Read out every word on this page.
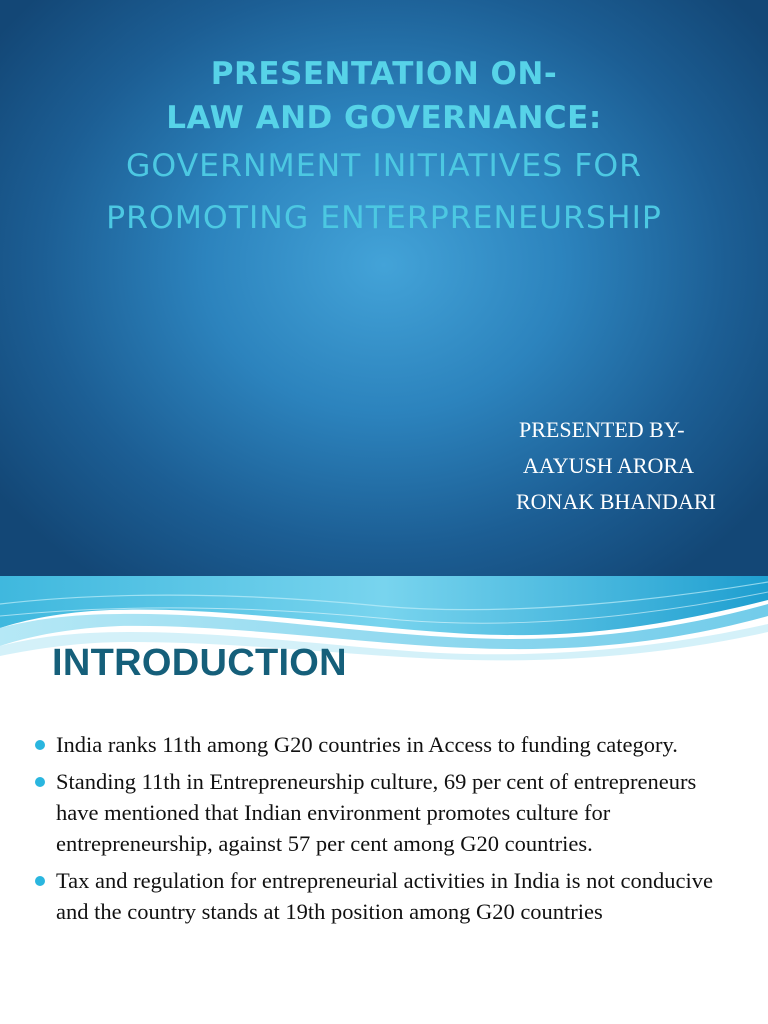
PRESENTATION ON-
LAW AND GOVERNANCE:
GOVERNMENT INITIATIVES FOR
PROMOTING ENTERPRENEURSHIP
PRESENTED BY-
AAYUSH ARORA
RONAK BHANDARI
INTRODUCTION
India ranks 11th among G20 countries in Access to funding category.
Standing 11th in Entrepreneurship culture, 69 per cent of entrepreneurs have mentioned that Indian environment promotes culture for entrepreneurship, against 57 per cent among G20 countries.
Tax and regulation for entrepreneurial activities in India is not conducive and the country stands at 19th position among G20 countries
